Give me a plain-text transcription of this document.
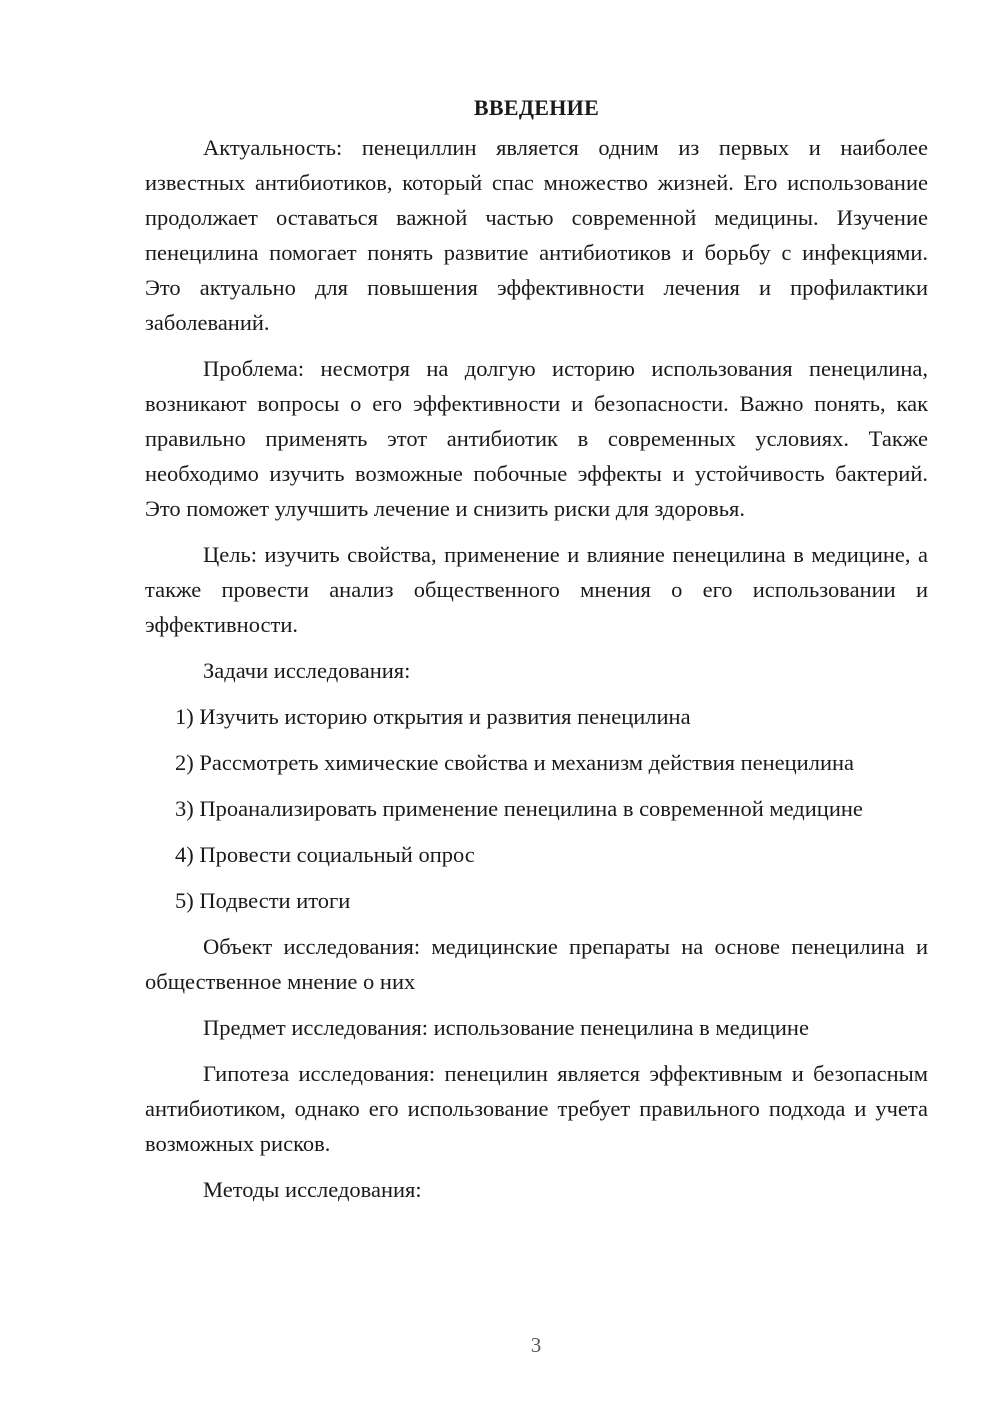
ВВЕДЕНИЕ

Актуальность: пенециллин является одним из первых и наиболее известных антибиотиков, который спас множество жизней. Его использование продолжает оставаться важной частью современной медицины. Изучение пенецилина помогает понять развитие антибиотиков и борьбу с инфекциями. Это актуально для повышения эффективности лечения и профилактики заболеваний.

Проблема: несмотря на долгую историю использования пенецилина, возникают вопросы о его эффективности и безопасности. Важно понять, как правильно применять этот антибиотик в современных условиях. Также необходимо изучить возможные побочные эффекты и устойчивость бактерий. Это поможет улучшить лечение и снизить риски для здоровья.

Цель: изучить свойства, применение и влияние пенецилина в медицине, а также провести анализ общественного мнения о его использовании и эффективности.

Задачи исследования:

1) Изучить историю открытия и развития пенецилина

2) Рассмотреть химические свойства и механизм действия пенецилина

3) Проанализировать применение пенецилина в современной медицине

4) Провести социальный опрос

5) Подвести итоги

Объект исследования: медицинские препараты на основе пенецилина и общественное мнение о них

Предмет исследования: использование пенецилина в медицине

Гипотеза исследования: пенецилин является эффективным и безопасным антибиотиком, однако его использование требует правильного подхода и учета возможных рисков.

Методы исследования:

3
